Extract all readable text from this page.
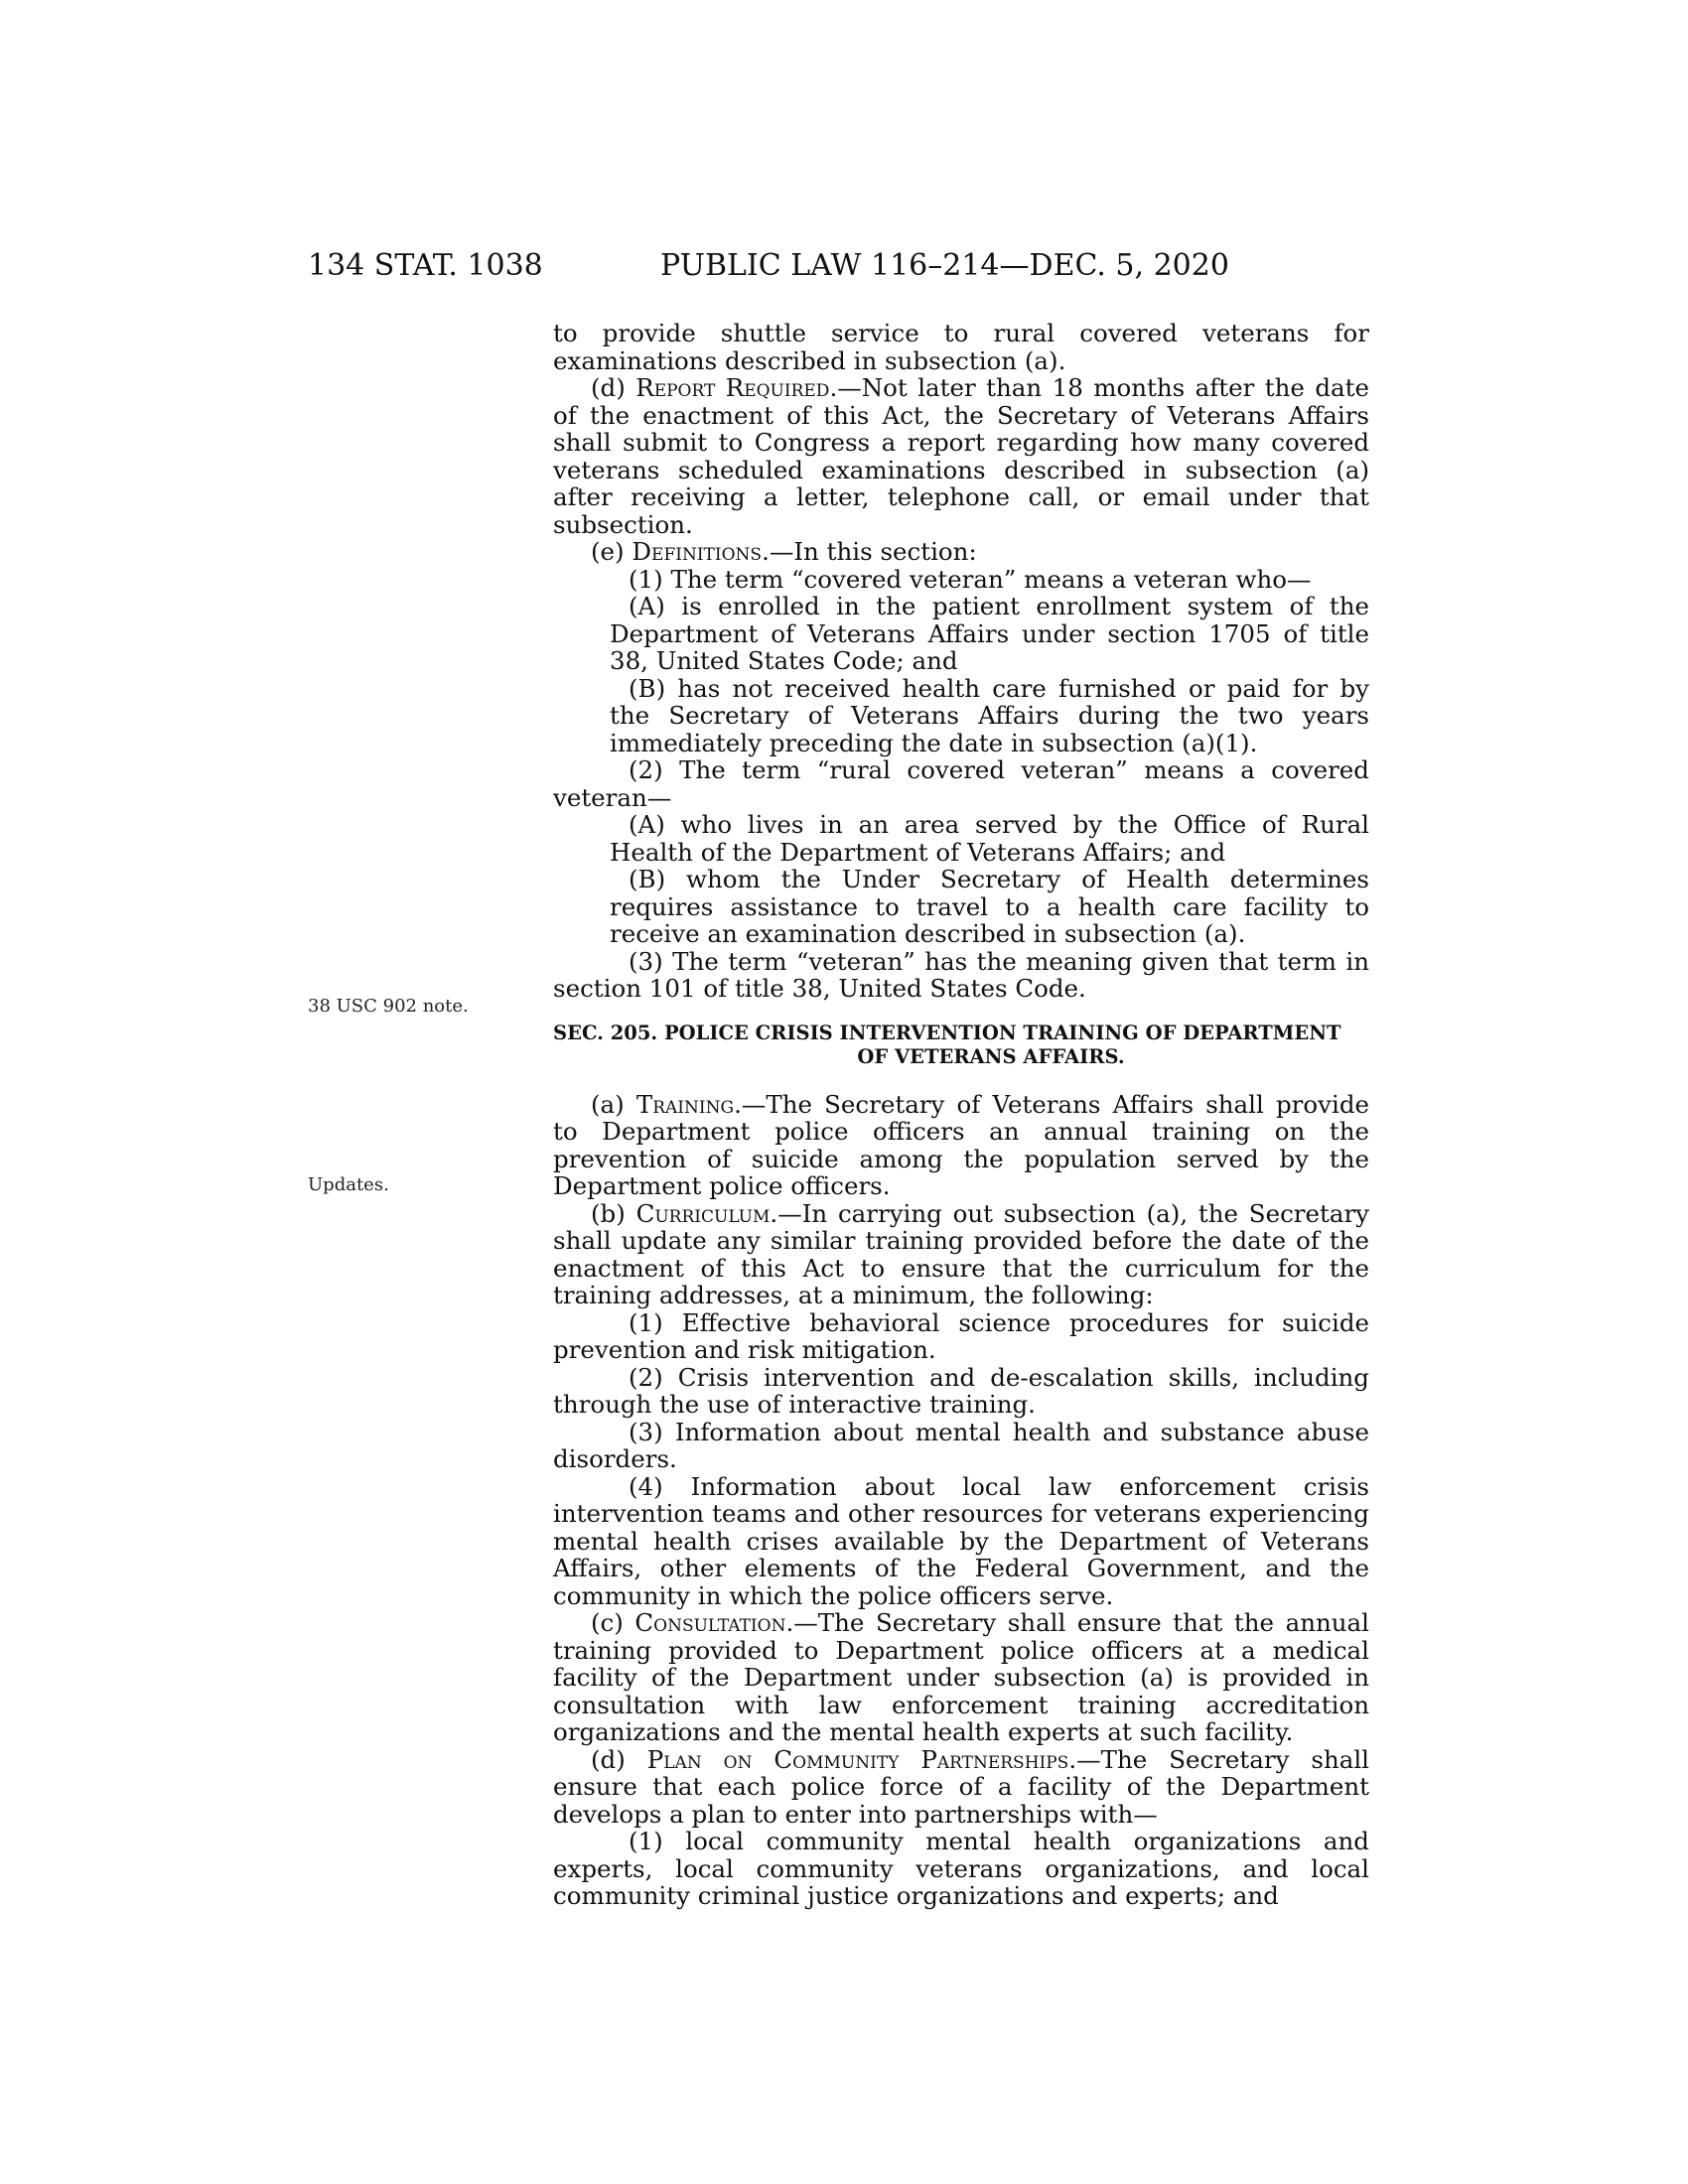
134 STAT. 1038	PUBLIC LAW 116–214—DEC. 5, 2020
38 USC 902 note.
Updates.

to provide shuttle service to rural covered veterans for examinations described in subsection (a).

(d) Report Required.—Not later than 18 months after the date of the enactment of this Act, the Secretary of Veterans Affairs shall submit to Congress a report regarding how many covered veterans scheduled examinations described in subsection (a) after receiving a letter, telephone call, or email under that subsection.

(e) Definitions.—In this section:

(1) The term “covered veteran” means a veteran who—

(A) is enrolled in the patient enrollment system of the Department of Veterans Affairs under section 1705 of title 38, United States Code; and

(B) has not received health care furnished or paid for by the Secretary of Veterans Affairs during the two years immediately preceding the date in subsection (a)(1).

(2) The term “rural covered veteran” means a covered veteran—

(A) who lives in an area served by the Office of Rural Health of the Department of Veterans Affairs; and

(B) whom the Under Secretary of Health determines requires assistance to travel to a health care facility to receive an examination described in subsection (a).

(3) The term “veteran” has the meaning given that term in section 101 of title 38, United States Code.

SEC. 205. POLICE CRISIS INTERVENTION TRAINING OF DEPARTMENT
OF VETERANS AFFAIRS.

(a) Training.—The Secretary of Veterans Affairs shall provide to Department police officers an annual training on the prevention of suicide among the population served by the Department police officers.

(b) Curriculum.—In carrying out subsection (a), the Secretary shall update any similar training provided before the date of the enactment of this Act to ensure that the curriculum for the training addresses, at a minimum, the following:

(1) Effective behavioral science procedures for suicide prevention and risk mitigation.

(2) Crisis intervention and de-escalation skills, including through the use of interactive training.

(3) Information about mental health and substance abuse disorders.

(4) Information about local law enforcement crisis intervention teams and other resources for veterans experiencing mental health crises available by the Department of Veterans Affairs, other elements of the Federal Government, and the community in which the police officers serve.

(c) Consultation.—The Secretary shall ensure that the annual training provided to Department police officers at a medical facility of the Department under subsection (a) is provided in consultation with law enforcement training accreditation organizations and the mental health experts at such facility.

(d) Plan on Community Partnerships.—The Secretary shall ensure that each police force of a facility of the Department develops a plan to enter into partnerships with—

(1) local community mental health organizations and experts, local community veterans organizations, and local community criminal justice organizations and experts; and
